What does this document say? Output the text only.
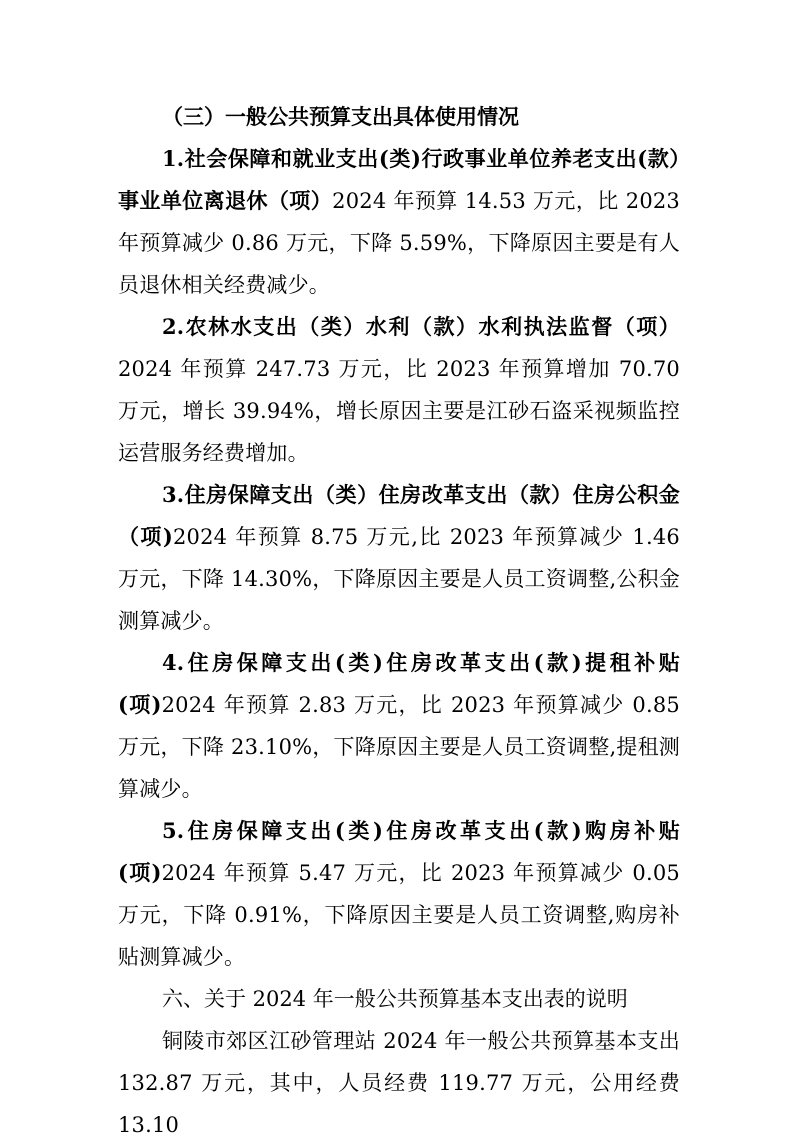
（三）一般公共预算支出具体使用情况

1.社会保障和就业支出(类)行政事业单位养老支出(款）事业单位离退休（项）2024 年预算 14.53 万元，比 2023 年预算减少 0.86 万元，下降 5.59%，下降原因主要是有人员退休相关经费减少。

2.农林水支出（类）水利（款）水利执法监督（项）2024 年预算 247.73 万元，比 2023 年预算增加 70.70 万元，增长 39.94%，增长原因主要是江砂石盗采视频监控运营服务经费增加。

3.住房保障支出（类）住房改革支出（款）住房公积金（项)2024 年预算 8.75 万元,比 2023 年预算减少 1.46 万元，下降 14.30%，下降原因主要是人员工资调整,公积金测算减少。

4.住房保障支出(类)住房改革支出(款)提租补贴(项)2024 年预算 2.83 万元，比 2023 年预算减少 0.85 万元，下降 23.10%，下降原因主要是人员工资调整,提租测算减少。

5.住房保障支出(类)住房改革支出(款)购房补贴(项)2024 年预算 5.47 万元，比 2023 年预算减少 0.05 万元，下降 0.91%，下降原因主要是人员工资调整,购房补贴测算减少。

六、关于 2024 年一般公共预算基本支出表的说明

铜陵市郊区江砂管理站 2024 年一般公共预算基本支出 132.87 万元，其中，人员经费 119.77 万元，公用经费 13.10
